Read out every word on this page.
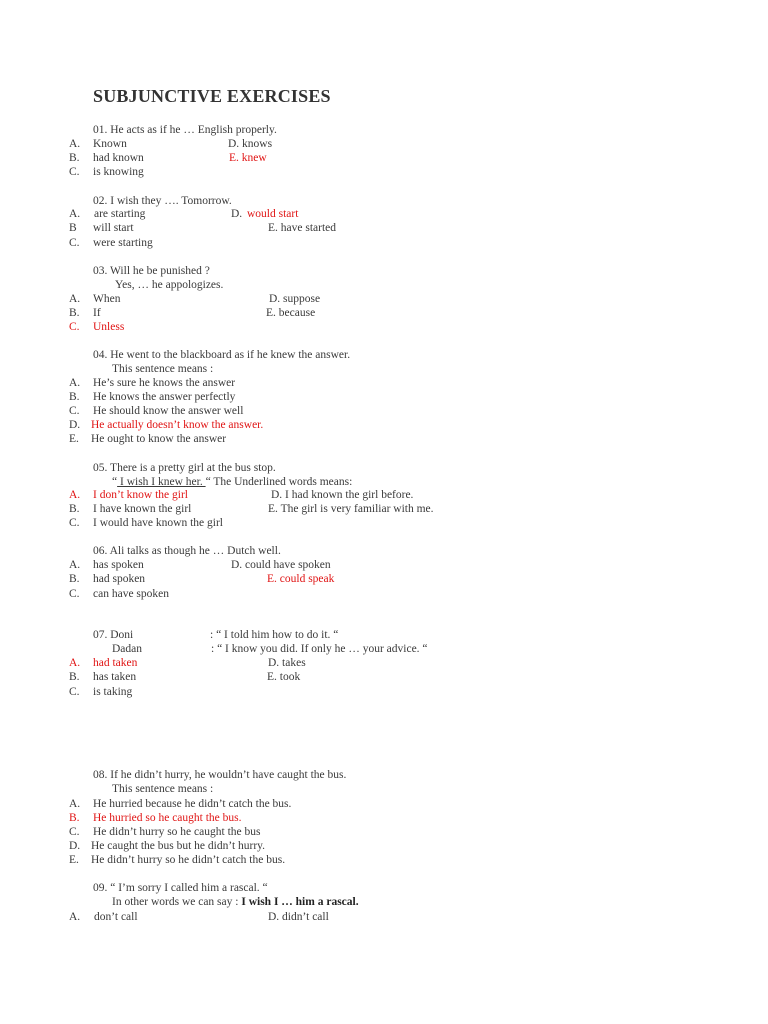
SUBJUNCTIVE EXERCISES
01. He acts as if he … English properly.
A. Known	D. knows
B. had known	E. knew
C. is knowing
02. I wish they …. Tomorrow.
A. are starting	D. would start
B will start	E. have started
C. were starting
03. Will he be punished ?
Yes, … he appologizes.
A. When	D. suppose
B. If	E. because
C. Unless
04. He went to the blackboard as if he knew the answer.
This sentence means :
A. He’s sure he knows the answer
B. He knows the answer perfectly
C. He should know the answer well
D. He actually doesn’t know the answer.
E. He ought to know the answer
05. There is a pretty girl at the bus stop.
“ I wish I knew her. “ The Underlined words means:
A. I don’t know the girl	D. I had known the girl before.
B. I have known the girl	E. The girl is very familiar with me.
C. I would have known the girl
06. Ali talks as though he … Dutch well.
A. has spoken	D. could have spoken
B. had spoken	E. could speak
C. can have spoken
07. Doni	: “ I told him how to do it. “
Dadan	: “ I know you did. If only he … your advice. “
A. had taken	D. takes
B. has taken	E. took
C. is taking
08. If he didn’t hurry, he wouldn’t have caught the bus.
This sentence means :
A. He hurried because he didn’t catch the bus.
B. He hurried so he caught the bus.
C. He didn’t hurry so he caught the bus
D. He caught the bus but he didn’t hurry.
E. He didn’t hurry so he didn’t catch the bus.
09. “ I’m sorry I called him a rascal. “
In other words we can say : I wish I … him a rascal.
A. don’t call	D. didn’t call
